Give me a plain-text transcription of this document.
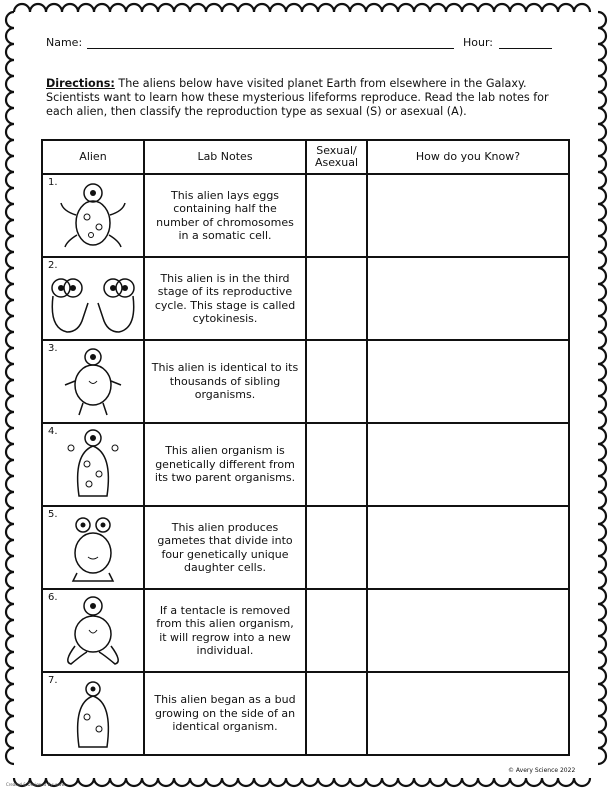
Name:	Hour:
Directions: The aliens below have visited planet Earth from elsewhere in the Galaxy. Scientists want to learn how these mysterious lifeforms reproduce. Read the lab notes for each alien, then classify the reproduction type as sexual (S) or asexual (A).
Alien	Lab Notes	Sexual/ Asexual	How do you Know?

1.	This alien lays eggs containing half the number of chromosomes in a somatic cell.		

2.	This alien is in the third stage of its reproductive cycle. This stage is called cytokinesis.		

3.	This alien is identical to its thousands of sibling organisms.		

4.	This alien organism is genetically different from its two parent organisms.		

5.	This alien produces gametes that divide into four genetically unique daughter cells.		

6.	If a tentacle is removed from this alien organism, it will regrow into a new individual.		

7.	This alien began as a bud growing on the side of an identical organism.		

© Avery Science 2022
Created & Designed By: www.
